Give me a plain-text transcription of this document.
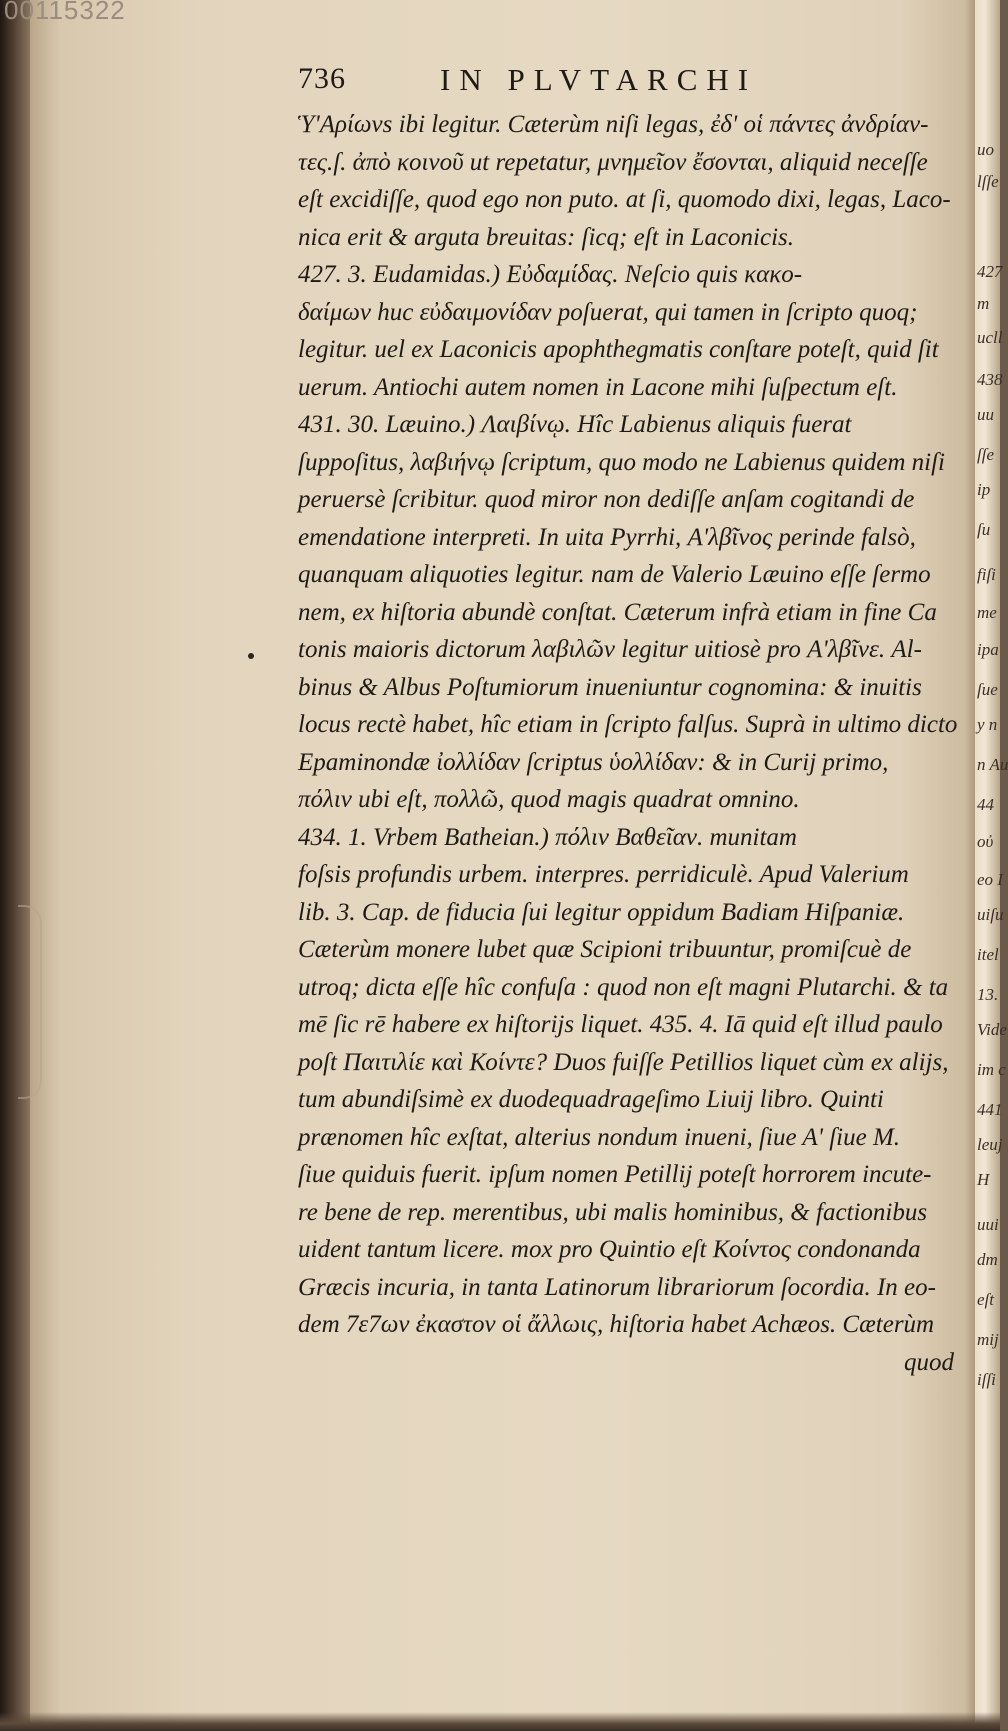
00115322
uo
lſſe
427
m
ucll
438
uu
ſſe
ip
ſu
fiſi
me
ipa
ſue
y n
n Au
44
οὐ
eo I
uiſu
itel
13.
Vide
im c
441
leuj
H
uui
dm
eſt
mij
iſſi
736	IN PLVTARCHI
Ὑ'Αρίωνs ibi legitur. Cæterùm niſi legas, ἐδ' οἱ πάντες ἀνδρίαν-
τες.ſ. ἀπὸ κοινοῦ ut repetatur, μνημεῖον ἔσονται, aliquid neceſſe
eſt excidiſſe, quod ego non puto. at ſi, quomodo dixi, legas, Laco-
nica erit & arguta breuitas: ſicq; eſt in Laconicis.
427. 3. Eudamidas.) Εὐδαμίδας. Neſcio quis κακο-
δαίμων huc εὐδαιμονίδαν poſuerat, qui tamen in ſcripto quoq;
legitur. uel ex Laconicis apophthegmatis conſtare poteſt, quid ſit
uerum. Antiochi autem nomen in Lacone mihi ſuſpectum eſt.
431. 30. Læuino.) Λαιβίνῳ. Hîc Labienus aliquis fuerat
ſuppoſitus, λαβιήνῳ ſcriptum, quo modo ne Labienus quidem niſi
peruersè ſcribitur. quod miror non dediſſe anſam cogitandi de
emendatione interpreti. In uita Pyrrhi, Α'λβῖνος perinde falsò,
quanquam aliquoties legitur. nam de Valerio Læuino eſſe ſermo
nem, ex hiſtoria abundè conſtat. Cæterum infrà etiam in fine Ca
tonis maioris dictorum λαβιλῶν legitur uitiosè pro Α'λβῖνε. Al-
binus & Albus Poſtumiorum inueniuntur cognomina: & inuitis
locus rectè habet, hîc etiam in ſcripto falſus. Suprà in ultimo dicto
Epaminondæ ἰολλίδαν ſcriptus ὑολλίδαν: & in Curij primo,
πόλιν ubi eſt, πολλῶ, quod magis quadrat omnino.
434. 1. Vrbem Batheian.) πόλιν Βαθεῖαν. munitam
foſsis profundis urbem. interpres. perridiculè. Apud Valerium
lib. 3. Cap. de fiducia ſui legitur oppidum Badiam Hiſpaniæ.
Cæterùm monere lubet quæ Scipioni tribuuntur, promiſcuè de
utroq; dicta eſſe hîc confuſa : quod non eſt magni Plutarchi. & ta
mē ſic rē habere ex hiſtorijs liquet. 435. 4. Iā quid eſt illud paulo
poſt Παιτιλίε καὶ Κοίντε? Duos fuiſſe Petillios liquet cùm ex alijs,
tum abundiſsimè ex duodequadrageſimo Liuij libro. Quinti
prænomen hîc exſtat, alterius nondum inueni, ſiue A' ſiue M.
ſiue quiduis fuerit. ipſum nomen Petillij poteſt horrorem incute-
re bene de rep. merentibus, ubi malis hominibus, & factionibus
uident tantum licere. mox pro Quintio eſt Κοίντος condonanda
Græcis incuria, in tanta Latinorum librariorum ſocordia. In eo-
dem 7ε7ων ἐκαστον οἱ ἄλλωις, hiſtoria habet Achæos. Cæterùm
quod
